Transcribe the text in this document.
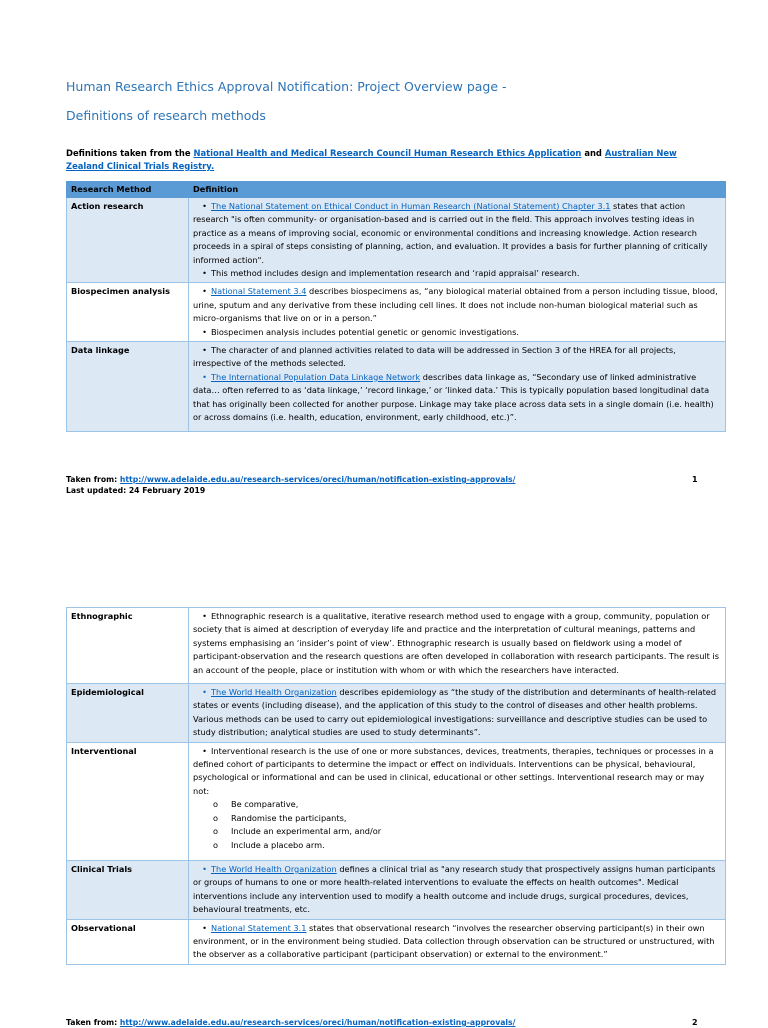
Human Research Ethics Approval Notification: Project Overview page -
Definitions of research methods
Definitions taken from the National Health and Medical Research Council Human Research Ethics Application and Australian New Zealand Clinical Trials Registry.
Research Method	Definition
Action research	• The National Statement on Ethical Conduct in Human Research (National Statement) Chapter 3.1 states that action research "is often community- or organisation-based and is carried out in the field. This approach involves testing ideas in practice as a means of improving social, economic or environmental conditions and increasing knowledge. Action research proceeds in a spiral of steps consisting of planning, action, and evaluation. It provides a basis for further planning of critically informed action".
• This method includes design and implementation research and ‘rapid appraisal’ research.

Biospecimen analysis	• National Statement 3.4 describes biospecimens as, “any biological material obtained from a person including tissue, blood, urine, sputum and any derivative from these including cell lines. It does not include non-human biological material such as micro-organisms that live on or in a person.”
• Biospecimen analysis includes potential genetic or genomic investigations.

Data linkage	• The character of and planned activities related to data will be addressed in Section 3 of the HREA for all projects, irrespective of the methods selected.
• The International Population Data Linkage Network describes data linkage as, “Secondary use of linked administrative data… often referred to as ‘data linkage,’ ‘record linkage,’ or ‘linked data.’ This is typically population based longitudinal data that has originally been collected for another purpose. Linkage may take place across data sets in a single domain (i.e. health) or across domains (i.e. health, education, environment, early childhood, etc.)”.
Taken from: http://www.adelaide.edu.au/research-services/oreci/human/notification-existing-approvals/
Last updated: 24 February 2019
1
Ethnographic	• Ethnographic research is a qualitative, iterative research method used to engage with a group, community, population or society that is aimed at description of everyday life and practice and the interpretation of cultural meanings, patterns and systems emphasising an ‘insider’s point of view’. Ethnographic research is usually based on fieldwork using a model of participant-observation and the research questions are often developed in collaboration with research participants. The result is an account of the people, place or institution with whom or with which the researchers have interacted.

Epidemiological	• The World Health Organization describes epidemiology as “the study of the distribution and determinants of health-related states or events (including disease), and the application of this study to the control of diseases and other health problems. Various methods can be used to carry out epidemiological investigations: surveillance and descriptive studies can be used to study distribution; analytical studies are used to study determinants”.

Interventional	• Interventional research is the use of one or more substances, devices, treatments, therapies, techniques or processes in a defined cohort of participants to determine the impact or effect on individuals. Interventions can be physical, behavioural, psychological or informational and can be used in clinical, educational or other settings. Interventional research may or may not:
o Be comparative,
o Randomise the participants,
o Include an experimental arm, and/or
o Include a placebo arm.

Clinical Trials	• The World Health Organization defines a clinical trial as "any research study that prospectively assigns human participants or groups of humans to one or more health-related interventions to evaluate the effects on health outcomes". Medical interventions include any intervention used to modify a health outcome and include drugs, surgical procedures, devices, behavioural treatments, etc.

Observational	• National Statement 3.1 states that observational research “involves the researcher observing participant(s) in their own environment, or in the environment being studied. Data collection through observation can be structured or unstructured, with the observer as a collaborative participant (participant observation) or external to the environment.”
Taken from: http://www.adelaide.edu.au/research-services/oreci/human/notification-existing-approvals/	2
